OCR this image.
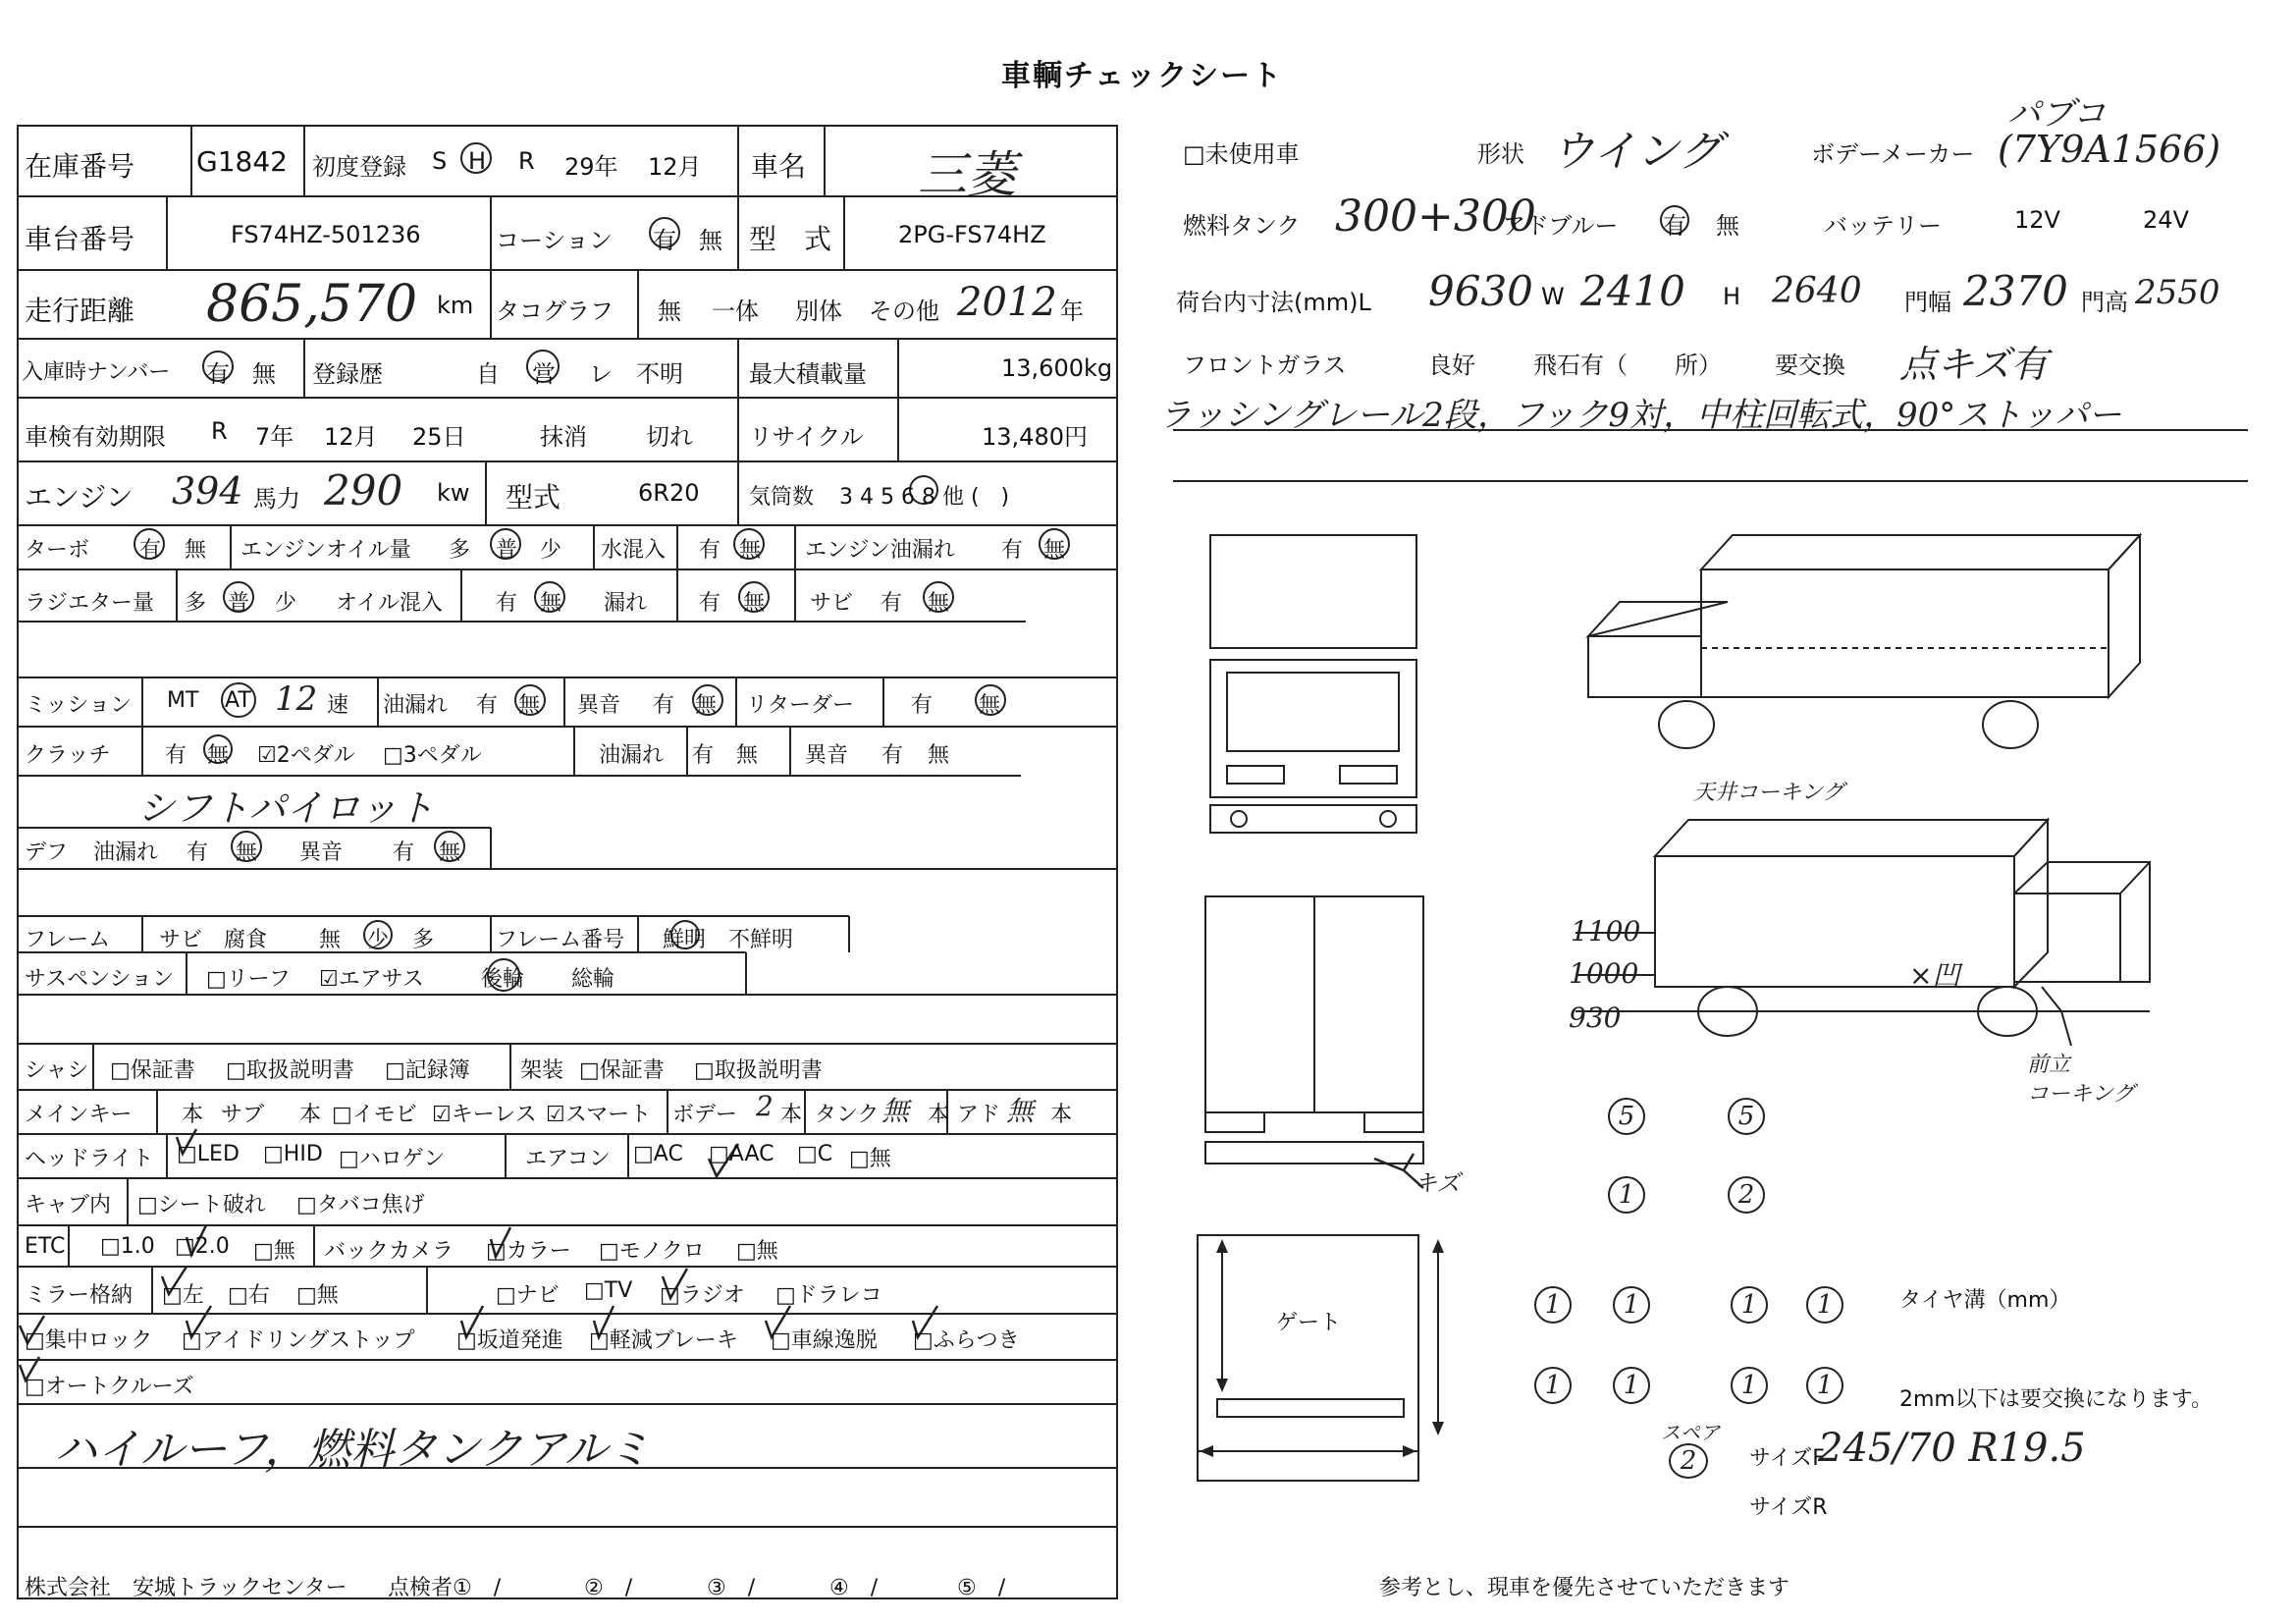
車輌チェックシート
在庫番号 G1842 初度登録 S H R 29年 12月 車名 三菱
車台番号	FS74HZ-501236	コーション 有 無 型　式	2PG-FS74HZ
走行距離 865,570 km タコグラフ 無 一体 別体 その他 2012 年
入庫時ナンバー 有 無 登録歴	自 営 レ 不明	最大積載量	13,600kg
車検有効期限 R 7年 12月 25日	抹消	切れ リサイクル	13,480円
エンジン 394 馬力 290 kw 型式	6R20 気筒数 3 4 5 6 8 他 (　)
ターボ 有 無 エンジンオイル量 多 普 少 水混入 有 無 エンジン油漏れ 有 無
ラジエター量 多 普 少 オイル混入 有 無 漏れ 有 無 サビ 有 無
ミッション MT AT 12 速 油漏れ 有 無 異音 有 無 リターダー	有 無
クラッチ	有 無 ☑2ペダル □3ペダル	油漏れ 有 無 異音 有 無
シフトパイロット
デフ 油漏れ 有 無 異音 有 無
フレーム サビ　腐食 無 少 多	フレーム番号 鮮明 不鮮明
サスペンション □リーフ ☑エアサス	後輪 総輪
シャシ □保証書 □取扱説明書 □記録簿 架装 □保証書 □取扱説明書
メインキー 本 サブ 本 □イモビ ☑キーレス ☑スマート ボデー 2 本 タンク 無 本 アド 無 本
ヘッドライト □LED □HID □ハロゲン	エアコン □AC □AAC □C □無
キャブ内 □シート破れ □タバコ焦げ
ETC □1.0 □2.0 □無 バックカメラ □カラー □モノクロ □無
ミラー格納 □左 □右 □無	□ナビ □TV □ラジオ □ドラレコ
□集中ロック □アイドリングストップ □坂道発進 □軽減ブレーキ □車線逸脱 □ふらつき
□オートクルーズ
ハイルーフ，燃料タンクアルミ
株式会社　安城トラックセンター 点検者①　/	②　/	③　/	④　/	⑤　/
□未使用車	形状 ウイング	ボデーメーカー
パブコ
(7Y9A1566)
燃料タンク 300+300
アドブルー 有 無	バッテリー	12V	24V
荷台内寸法(mm)L 9630 W 2410 H 2640 門幅 2370 門高 2550
フロントガラス	良好 飛石有（　　所） 要交換 点キズ有
ラッシングレール2段，フック9対，中柱回転式，90°ストッパー
天井コーキング
1100
1000
930
×凹
前立
コーキング
キズ
ゲート
5	5
1	2
1	1	1	1
1	1	1	1
タイヤ溝（mm）
2mm以下は要交換になります。
スペア
2	サイズF
245/70 R19.5
サイズR
参考とし、現車を優先させていただきます
